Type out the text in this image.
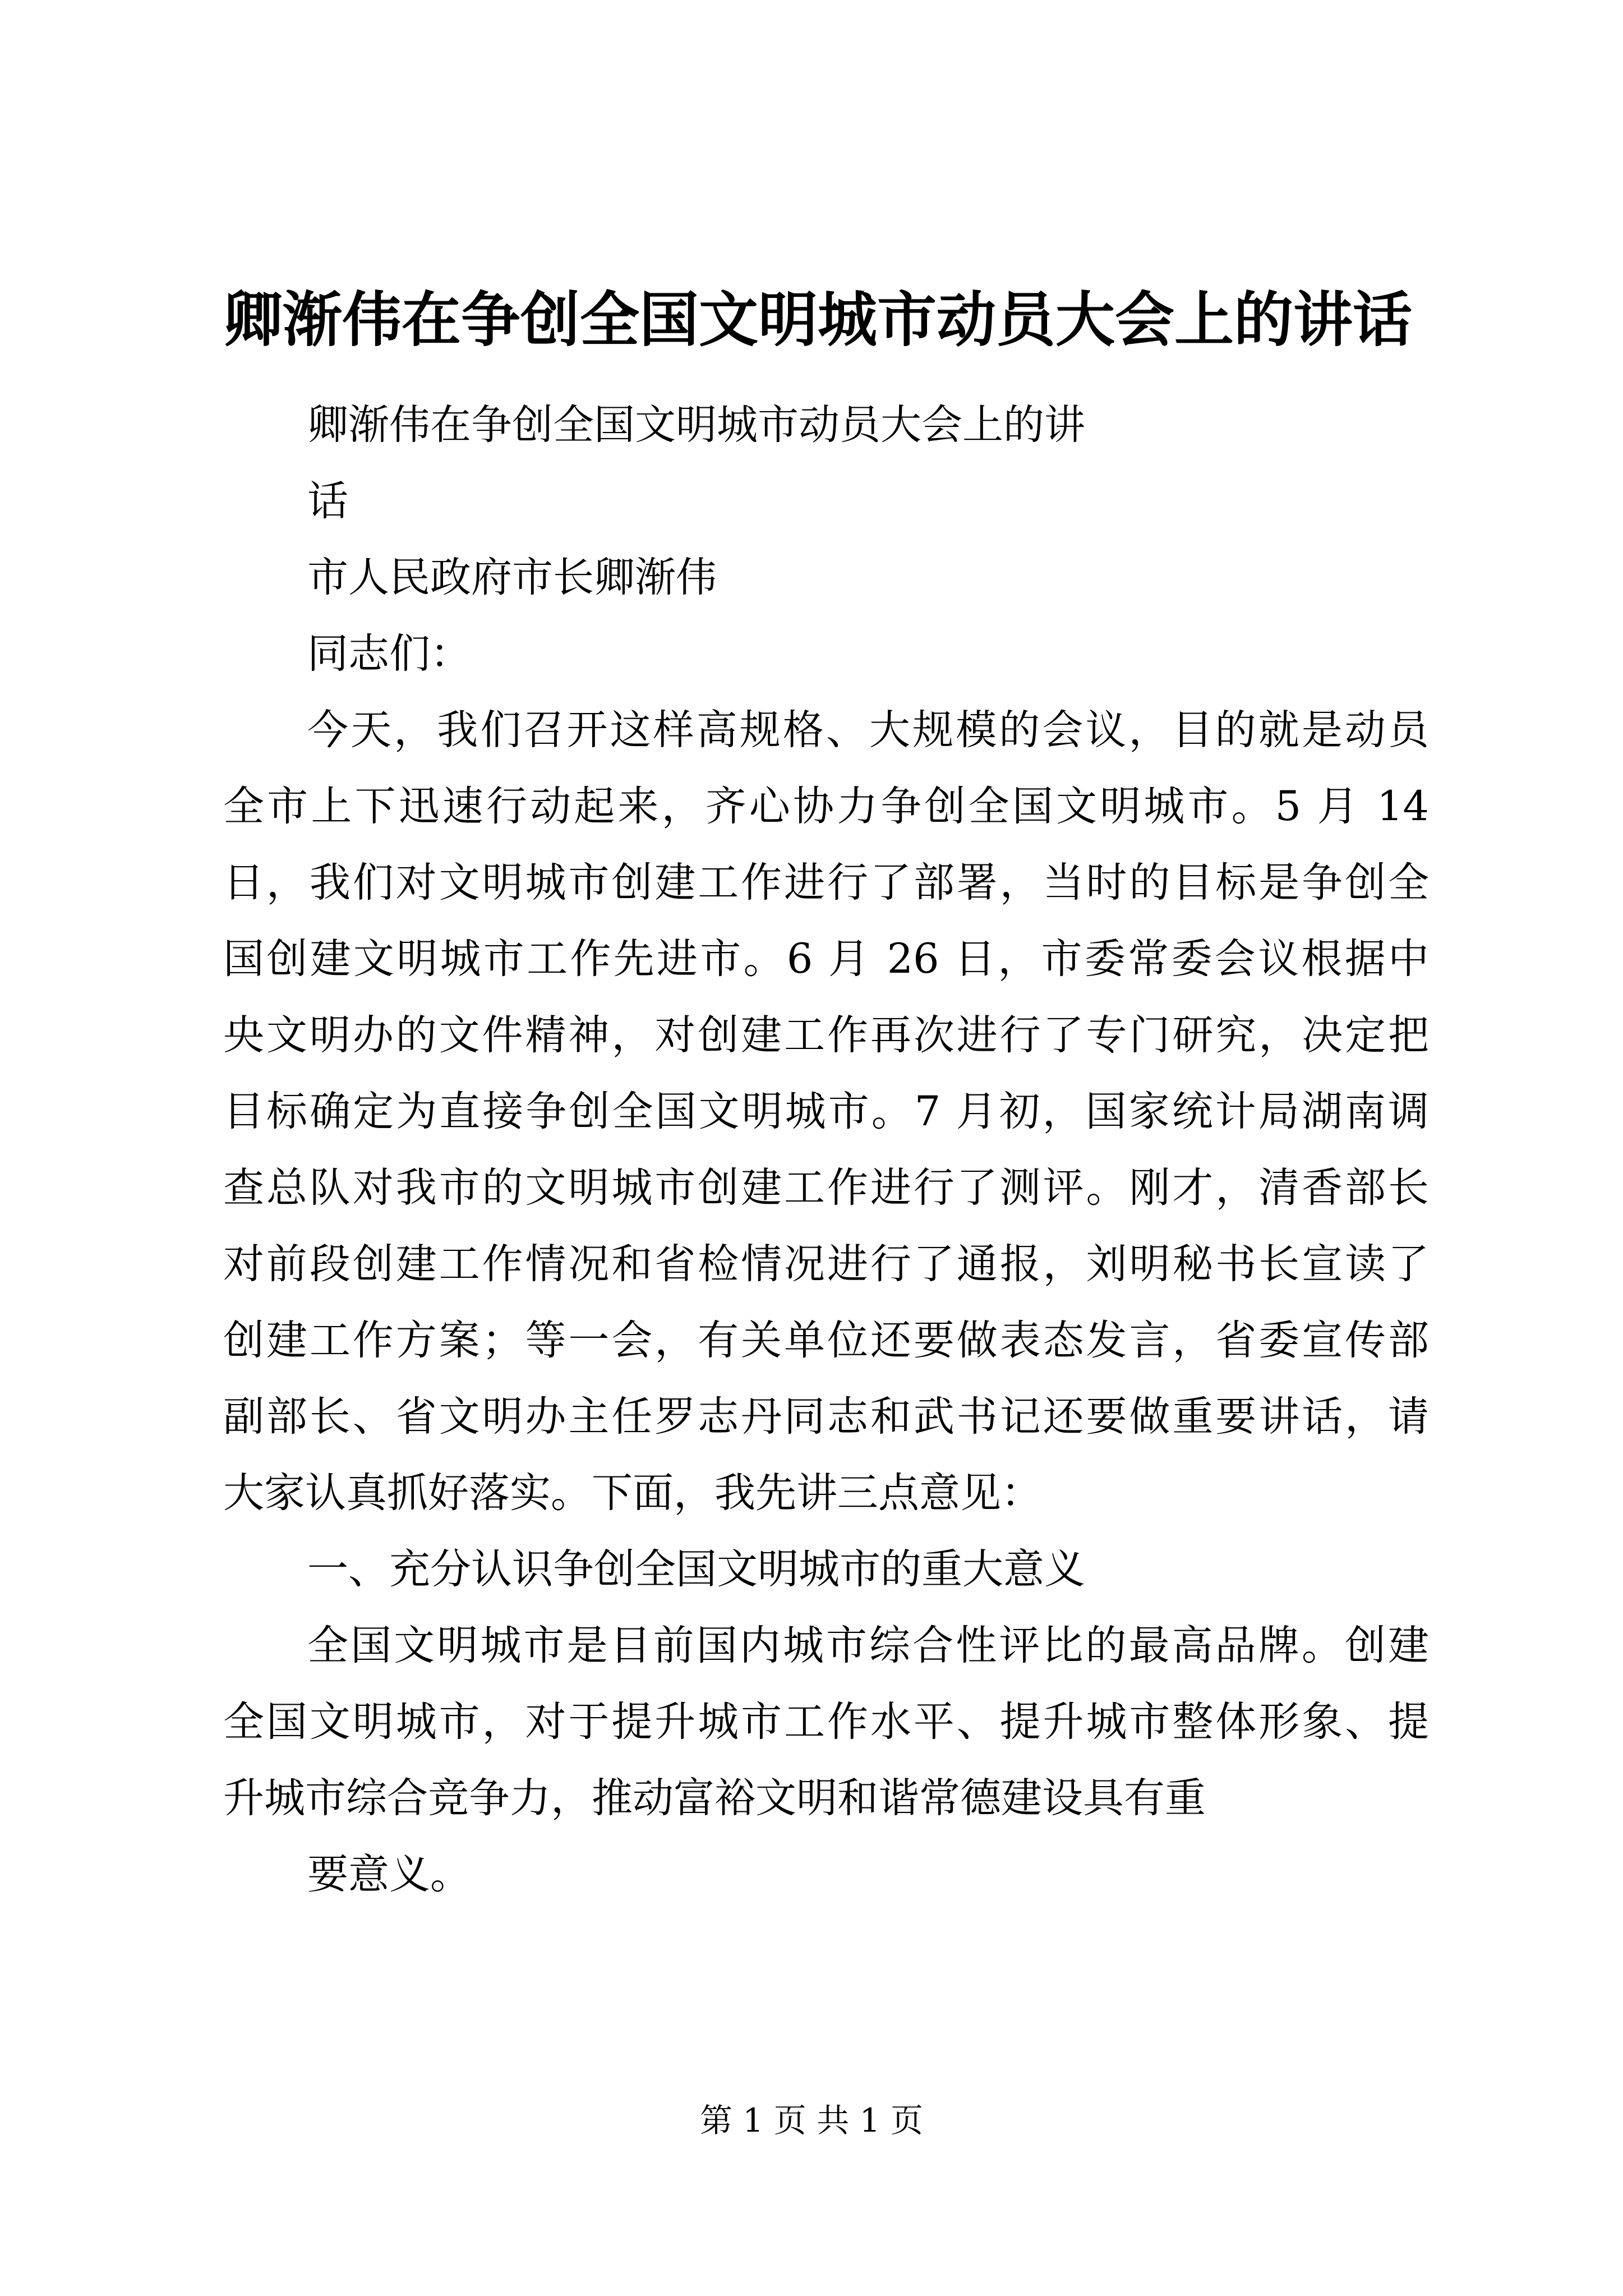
卿渐伟在争创全国文明城市动员大会上的讲话

卿渐伟在争创全国文明城市动员大会上的讲

话

市人民政府市长卿渐伟

同志们：

今天，我们召开这样高规格、大规模的会议，目的就是动员

全市上下迅速行动起来，齐心协力争创全国文明城市。5 月 14

日，我们对文明城市创建工作进行了部署，当时的目标是争创全

国创建文明城市工作先进市。6 月 26 日，市委常委会议根据中

央文明办的文件精神，对创建工作再次进行了专门研究，决定把

目标确定为直接争创全国文明城市。7 月初，国家统计局湖南调

查总队对我市的文明城市创建工作进行了测评。刚才，清香部长

对前段创建工作情况和省检情况进行了通报，刘明秘书长宣读了

创建工作方案；等一会，有关单位还要做表态发言，省委宣传部

副部长、省文明办主任罗志丹同志和武书记还要做重要讲话，请

大家认真抓好落实。下面，我先讲三点意见：

一、充分认识争创全国文明城市的重大意义

全国文明城市是目前国内城市综合性评比的最高品牌。创建

全国文明城市，对于提升城市工作水平、提升城市整体形象、提

升城市综合竞争力，推动富裕文明和谐常德建设具有重

要意义。

第 1 页 共 1 页
